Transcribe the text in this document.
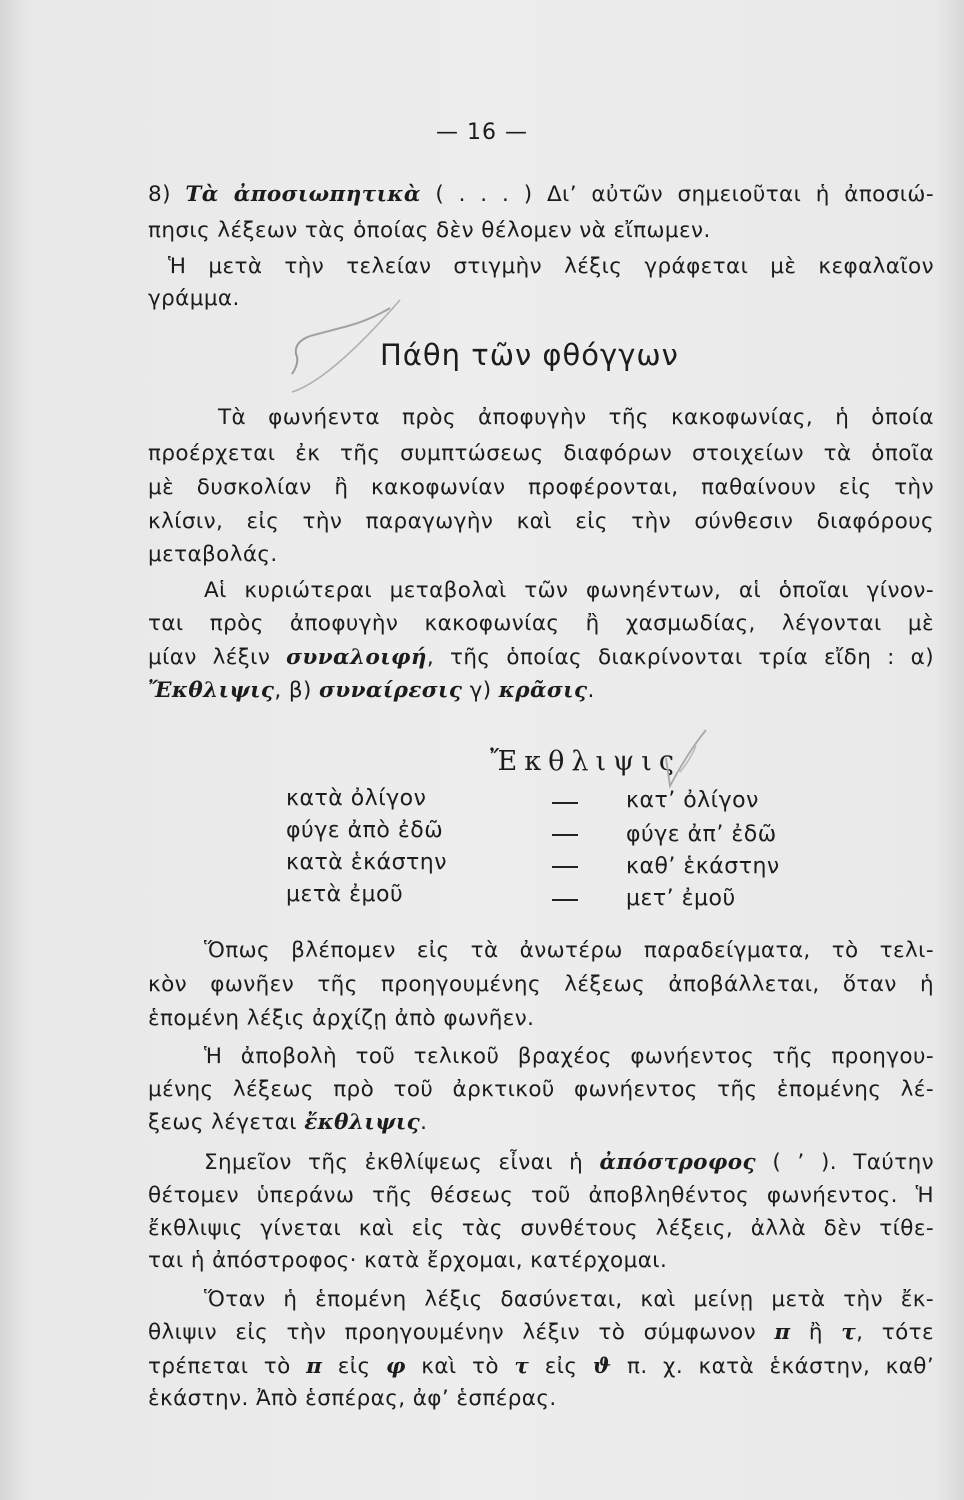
— 16 —
8) Τὰ ἀποσιωπητικὰ ( . . . ) Δι’ αὐτῶν σημειοῦται ἡ ἀποσιώ-
πησις λέξεων τὰς ὁποίας δὲν θέλομεν νὰ εἴπωμεν.
Ἡ μετὰ τὴν τελείαν στιγμὴν λέξις γράφεται μὲ κεφαλαῖον
γράμμα.
Πάθη τῶν φθόγγων
Τὰ φωνήεντα πρὸς ἀποφυγὴν τῆς κακοφωνίας, ἡ ὁποία
προέρχεται ἐκ τῆς συμπτώσεως διαφόρων στοιχείων τὰ ὁποῖα
μὲ δυσκολίαν ἢ κακοφωνίαν προφέρονται, παθαίνουν εἰς τὴν
κλίσιν, εἰς τὴν παραγωγὴν καὶ εἰς τὴν σύνθεσιν διαφόρους
μεταβολάς.
Αἱ κυριώτεραι μεταβολαὶ τῶν φωνηέντων, αἱ ὁποῖαι γίνον-
ται πρὸς ἀποφυγὴν κακοφωνίας ἢ χασμωδίας, λέγονται μὲ
μίαν λέξιν συναλοιφή, τῆς ὁποίας διακρίνονται τρία εἴδη : α)
Ἔκθλιψις, β) συναίρεσις γ) κρᾶσις.
Ἔκθλιψις
κατὰ ὀλίγον	κατ’ ὀλίγον
φύγε ἀπὸ ἐδῶ	φύγε ἀπ’ ἐδῶ
κατὰ ἑκάστην	καθ’ ἑκάστην
μετὰ ἐμοῦ	μετ’ ἐμοῦ
Ὅπως βλέπομεν εἰς τὰ ἀνωτέρω παραδείγματα, τὸ τελι-
κὸν φωνῆεν τῆς προηγουμένης λέξεως ἀποβάλλεται, ὅταν ἡ
ἑπομένη λέξις ἀρχίζῃ ἀπὸ φωνῆεν.
Ἡ ἀποβολὴ τοῦ τελικοῦ βραχέος φωνήεντος τῆς προηγου-
μένης λέξεως πρὸ τοῦ ἀρκτικοῦ φωνήεντος τῆς ἑπομένης λέ-
ξεως λέγεται ἔκθλιψις.
Σημεῖον τῆς ἐκθλίψεως εἶναι ἡ ἀπόστροφος ( ’ ). Ταύτην
θέτομεν ὑπεράνω τῆς θέσεως τοῦ ἀποβληθέντος φωνήεντος. Ἡ
ἔκθλιψις γίνεται καὶ εἰς τὰς συνθέτους λέξεις, ἀλλὰ δὲν τίθε-
ται ἡ ἀπόστροφος· κατὰ ἔρχομαι, κατέρχομαι.
Ὅταν ἡ ἑπομένη λέξις δασύνεται, καὶ μείνῃ μετὰ τὴν ἔκ-
θλιψιν εἰς τὴν προηγουμένην λέξιν τὸ σύμφωνον π ἢ τ, τότε
τρέπεται τὸ π εἰς φ καὶ τὸ τ εἰς ϑ π. χ. κατὰ ἑκάστην, καθ’
ἑκάστην. Ἀπὸ ἑσπέρας, ἀφ’ ἑσπέρας.
